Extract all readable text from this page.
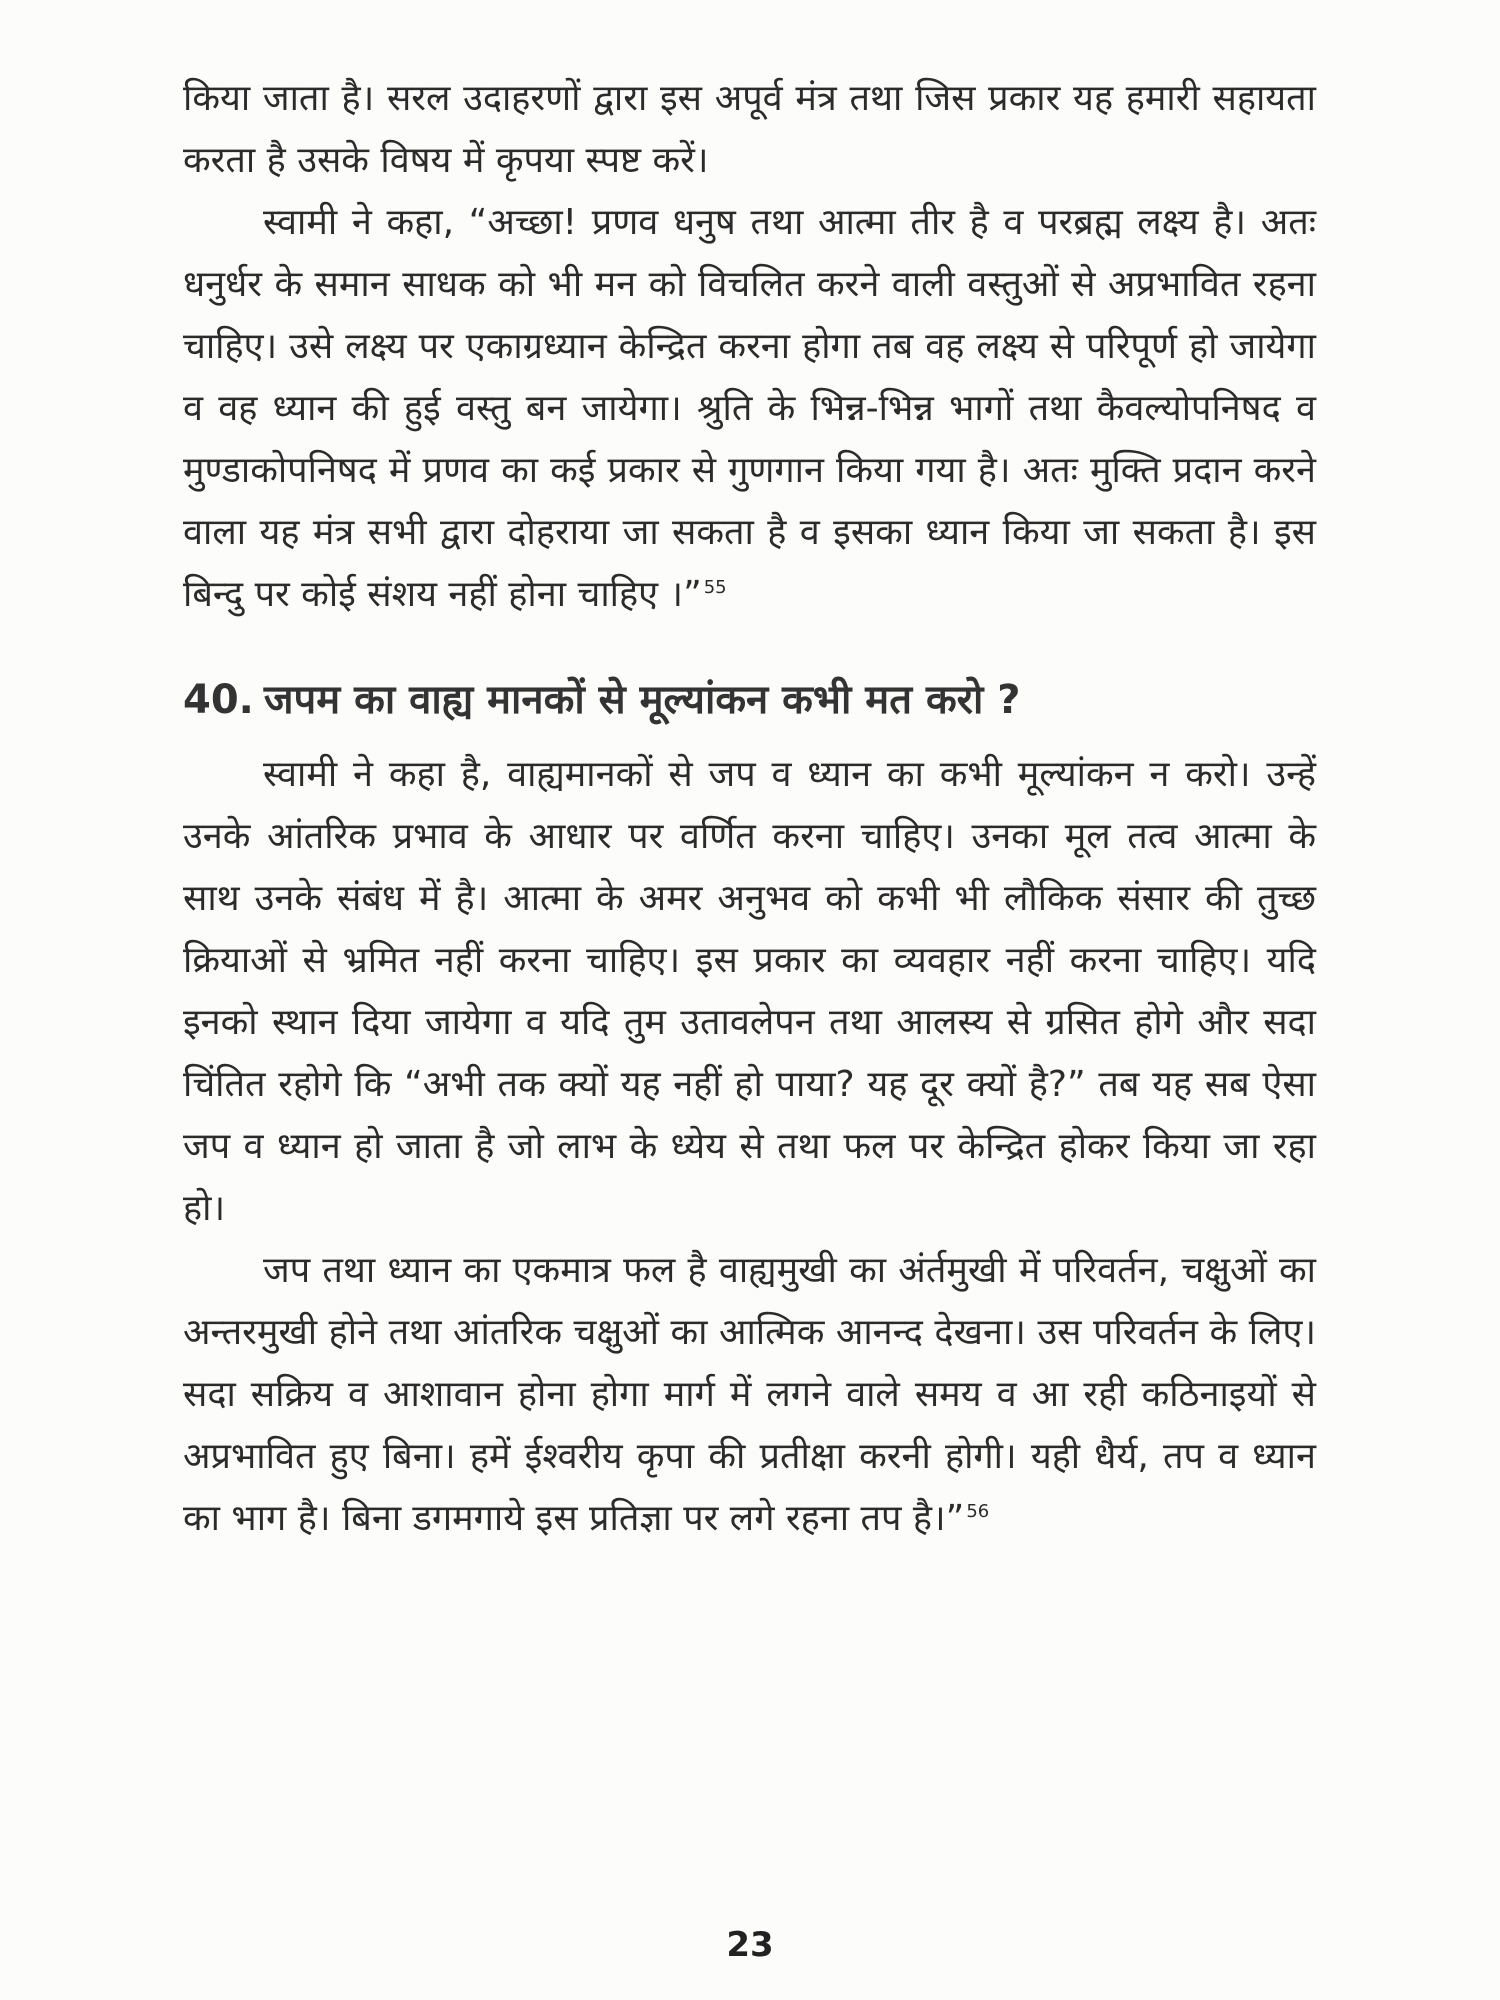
किया जाता है। सरल उदाहरणों द्वारा इस अपूर्व मंत्र तथा जिस प्रकार यह हमारी सहायता करता है उसके विषय में कृपया स्पष्ट करें।

स्वामी ने कहा, “अच्छा! प्रणव धनुष तथा आत्मा तीर है व परब्रह्म लक्ष्य है। अतः धनुर्धर के समान साधक को भी मन को विचलित करने वाली वस्तुओं से अप्रभावित रहना चाहिए। उसे लक्ष्य पर एकाग्रध्यान केन्द्रित करना होगा तब वह लक्ष्य से परिपूर्ण हो जायेगा व वह ध्यान की हुई वस्तु बन जायेगा। श्रुति के भिन्न-भिन्न भागों तथा कैवल्योपनिषद व मुण्डाकोपनिषद में प्रणव का कई प्रकार से गुणगान किया गया है। अतः मुक्ति प्रदान करने वाला यह मंत्र सभी द्वारा दोहराया जा सकता है व इसका ध्यान किया जा सकता है। इस बिन्दु पर कोई संशय नहीं होना चाहिए ।” $^{55}$

40. जपम का वाह्य मानकों से मूल्यांकन कभी मत करो ?

स्वामी ने कहा है, वाह्यमानकों से जप व ध्यान का कभी मूल्यांकन न करो। उन्हें उनके आंतरिक प्रभाव के आधार पर वर्णित करना चाहिए। उनका मूल तत्व आत्मा के साथ उनके संबंध में है। आत्मा के अमर अनुभव को कभी भी लौकिक संसार की तुच्छ क्रियाओं से भ्रमित नहीं करना चाहिए। इस प्रकार का व्यवहार नहीं करना चाहिए। यदि इनको स्थान दिया जायेगा व यदि तुम उतावलेपन तथा आलस्य से ग्रसित होगे और सदा चिंतित रहोगे कि “अभी तक क्यों यह नहीं हो पाया? यह दूर क्यों है?” तब यह सब ऐसा जप व ध्यान हो जाता है जो लाभ के ध्येय से तथा फल पर केन्द्रित होकर किया जा रहा हो।

जप तथा ध्यान का एकमात्र फल है वाह्यमुखी का अंर्तमुखी में परिवर्तन, चक्षुओं का अन्तरमुखी होने तथा आंतरिक चक्षुओं का आत्मिक आनन्द देखना। उस परिवर्तन के लिए। सदा सक्रिय व आशावान होना होगा मार्ग में लगने वाले समय व आ रही कठिनाइयों से अप्रभावित हुए बिना। हमें ईश्वरीय कृपा की प्रतीक्षा करनी होगी। यही धैर्य, तप व ध्यान का भाग है। बिना डगमगाये इस प्रतिज्ञा पर लगे रहना तप है।” $^{56}$

23
